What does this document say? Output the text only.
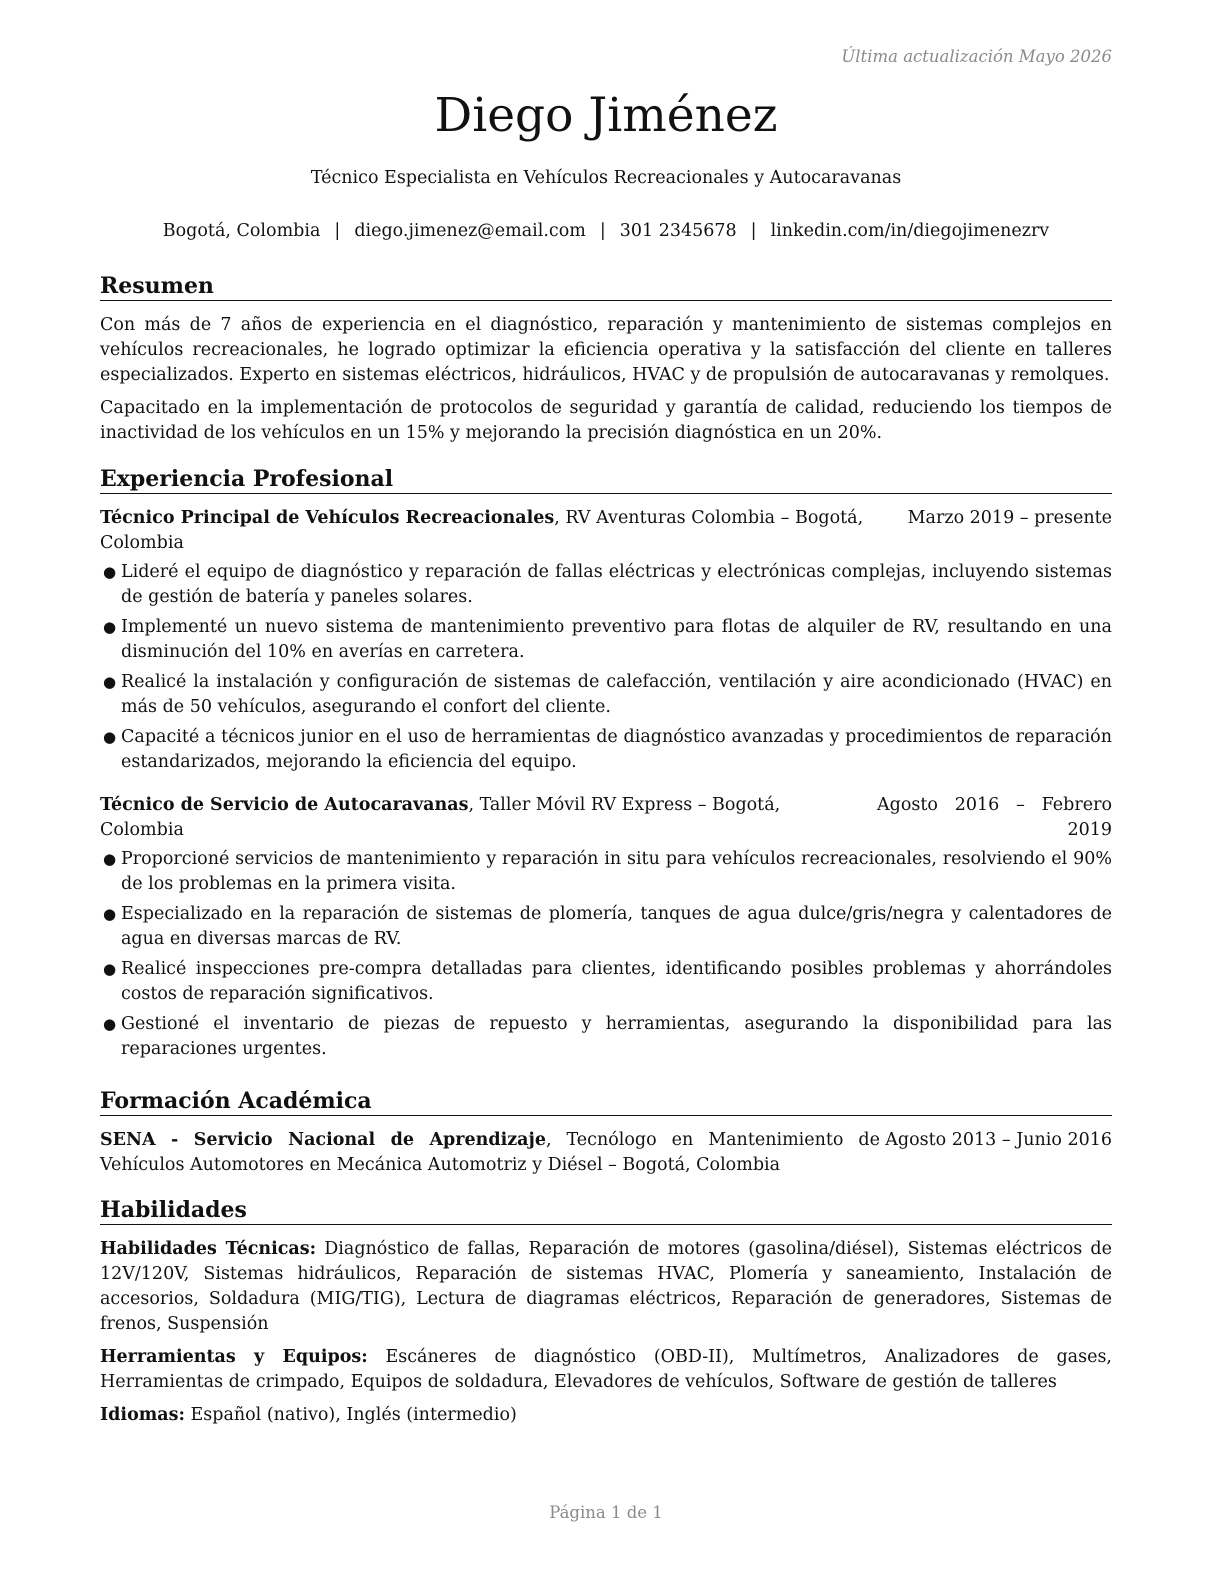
Última actualización Mayo 2026
Diego Jiménez
Técnico Especialista en Vehículos Recreacionales y Autocaravanas
Bogotá, Colombia | diego.jimenez@email.com | 301 2345678 | linkedin.com/in/diegojimenezrv
Resumen

Con más de 7 años de experiencia en el diagnóstico, reparación y mantenimiento de sistemas complejos en vehículos recreacionales, he logrado optimizar la eficiencia operativa y la satisfacción del cliente en talleres especializados. Experto en sistemas eléctricos, hidráulicos, HVAC y de propulsión de autocaravanas y remolques.

Capacitado en la implementación de protocolos de seguridad y garantía de calidad, reduciendo los tiempos de inactividad de los vehículos en un 15% y mejorando la precisión diagnóstica en un 20%.

Experiencia Profesional
Técnico Principal de Vehículos Recreacionales, RV Aventuras Colombia – Bogotá, Colombia
Marzo 2019 – presente
● Lideré el equipo de diagnóstico y reparación de fallas eléctricas y electrónicas complejas, incluyendo sistemas de gestión de batería y paneles solares.
● Implementé un nuevo sistema de mantenimiento preventivo para flotas de alquiler de RV, resultando en una disminución del 10% en averías en carretera.
● Realicé la instalación y configuración de sistemas de calefacción, ventilación y aire acondicionado (HVAC) en más de 50 vehículos, asegurando el confort del cliente.
● Capacité a técnicos junior en el uso de herramientas de diagnóstico avanzadas y procedimientos de reparación estandarizados, mejorando la eficiencia del equipo.
Técnico de Servicio de Autocaravanas, Taller Móvil RV Express – Bogotá, Colombia
Agosto 2016 – Febrero 2019
● Proporcioné servicios de mantenimiento y reparación in situ para vehículos recreacionales, resolviendo el 90% de los problemas en la primera visita.
● Especializado en la reparación de sistemas de plomería, tanques de agua dulce/gris/negra y calentadores de agua en diversas marcas de RV.
● Realicé inspecciones pre-compra detalladas para clientes, identificando posibles problemas y ahorrándoles costos de reparación significativos.
● Gestioné el inventario de piezas de repuesto y herramientas, asegurando la disponibilidad para las reparaciones urgentes.
Formación Académica
SENA - Servicio Nacional de Aprendizaje, Tecnólogo en Mantenimiento de Vehículos Automotores en Mecánica Automotriz y Diésel – Bogotá, Colombia
Agosto 2013 – Junio 2016
Habilidades
Habilidades Técnicas: Diagnóstico de fallas, Reparación de motores (gasolina/diésel), Sistemas eléctricos de 12V/120V, Sistemas hidráulicos, Reparación de sistemas HVAC, Plomería y saneamiento, Instalación de accesorios, Soldadura (MIG/TIG), Lectura de diagramas eléctricos, Reparación de generadores, Sistemas de frenos, Suspensión
Herramientas y Equipos: Escáneres de diagnóstico (OBD-II), Multímetros, Analizadores de gases, Herramientas de crimpado, Equipos de soldadura, Elevadores de vehículos, Software de gestión de talleres
Idiomas: Español (nativo), Inglés (intermedio)
Página 1 de 1
